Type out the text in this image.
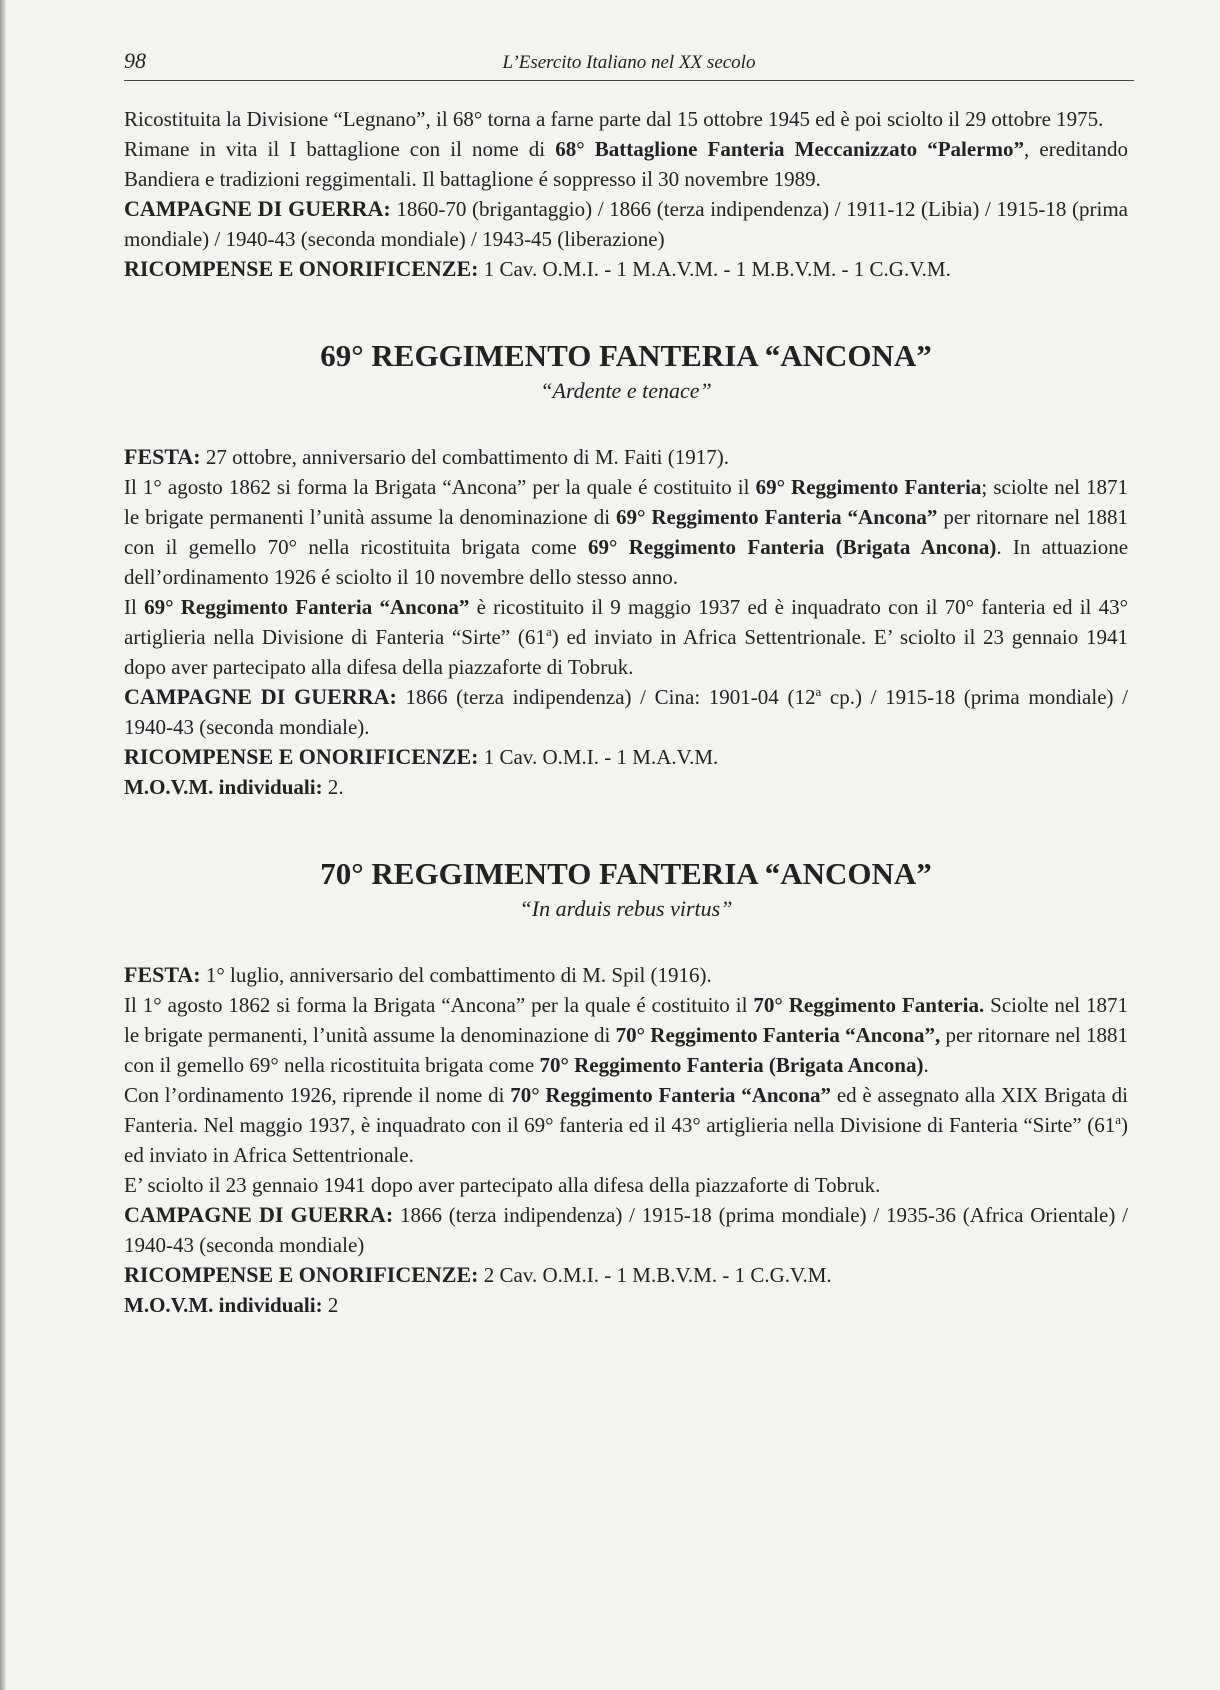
98	L’Esercito Italiano nel XX secolo

Ricostituita la Divisione “Legnano”, il 68° torna a farne parte dal 15 ottobre 1945 ed è poi sciolto il 29 ottobre 1975.

Rimane in vita il I battaglione con il nome di 68° Battaglione Fanteria Meccanizzato “Palermo”, ereditando Bandiera e tradizioni reggimentali. Il battaglione é soppresso il 30 novembre 1989.

CAMPAGNE DI GUERRA: 1860-70 (brigantaggio) / 1866 (terza indipendenza) / 1911-12 (Libia) / 1915-18 (prima mondiale) / 1940-43 (seconda mondiale) / 1943-45 (liberazione)

RICOMPENSE E ONORIFICENZE: 1 Cav. O.M.I. - 1 M.A.V.M. - 1 M.B.V.M. - 1 C.G.V.M.

69° REGGIMENTO FANTERIA “ANCONA”
“Ardente e tenace”

FESTA: 27 ottobre, anniversario del combattimento di M. Faiti (1917).

Il 1° agosto 1862 si forma la Brigata “Ancona” per la quale é costituito il 69° Reggimento Fanteria; sciolte nel 1871 le brigate permanenti l’unità assume la denominazione di 69° Reggimento Fanteria “Ancona” per ritornare nel 1881 con il gemello 70° nella ricostituita brigata come 69° Reggimento Fanteria (Brigata Ancona). In attuazione dell’ordinamento 1926 é sciolto il 10 novembre dello stesso anno.

Il 69° Reggimento Fanteria “Ancona” è ricostituito il 9 maggio 1937 ed è inquadrato con il 70° fanteria ed il 43° artiglieria nella Divisione di Fanteria “Sirte” (61$^a$) ed inviato in Africa Settentrionale. E’ sciolto il 23 gennaio 1941 dopo aver partecipato alla difesa della piazzaforte di Tobruk.

CAMPAGNE DI GUERRA: 1866 (terza indipendenza) / Cina: 1901-04 (12$^a$ cp.) / 1915-18 (prima mondiale) / 1940-43 (seconda mondiale).

RICOMPENSE E ONORIFICENZE: 1 Cav. O.M.I. - 1 M.A.V.M.

M.O.V.M. individuali: 2.

70° REGGIMENTO FANTERIA “ANCONA”
“In arduis rebus virtus”

FESTA: 1° luglio, anniversario del combattimento di M. Spil (1916).

Il 1° agosto 1862 si forma la Brigata “Ancona” per la quale é costituito il 70° Reggimento Fanteria. Sciolte nel 1871 le brigate permanenti, l’unità assume la denominazione di 70° Reggimento Fanteria “Ancona”, per ritornare nel 1881 con il gemello 69° nella ricostituita brigata come 70° Reggimento Fanteria (Brigata Ancona).

Con l’ordinamento 1926, riprende il nome di 70° Reggimento Fanteria “Ancona” ed è assegnato alla XIX Brigata di Fanteria. Nel maggio 1937, è inquadrato con il 69° fanteria ed il 43° artiglieria nella Divisione di Fanteria “Sirte” (61$^a$) ed inviato in Africa Settentrionale.

E’ sciolto il 23 gennaio 1941 dopo aver partecipato alla difesa della piazzaforte di Tobruk.

CAMPAGNE DI GUERRA: 1866 (terza indipendenza) / 1915-18 (prima mondiale) / 1935-36 (Africa Orientale) / 1940-43 (seconda mondiale)

RICOMPENSE E ONORIFICENZE: 2 Cav. O.M.I. - 1 M.B.V.M. - 1 C.G.V.M.

M.O.V.M. individuali: 2
